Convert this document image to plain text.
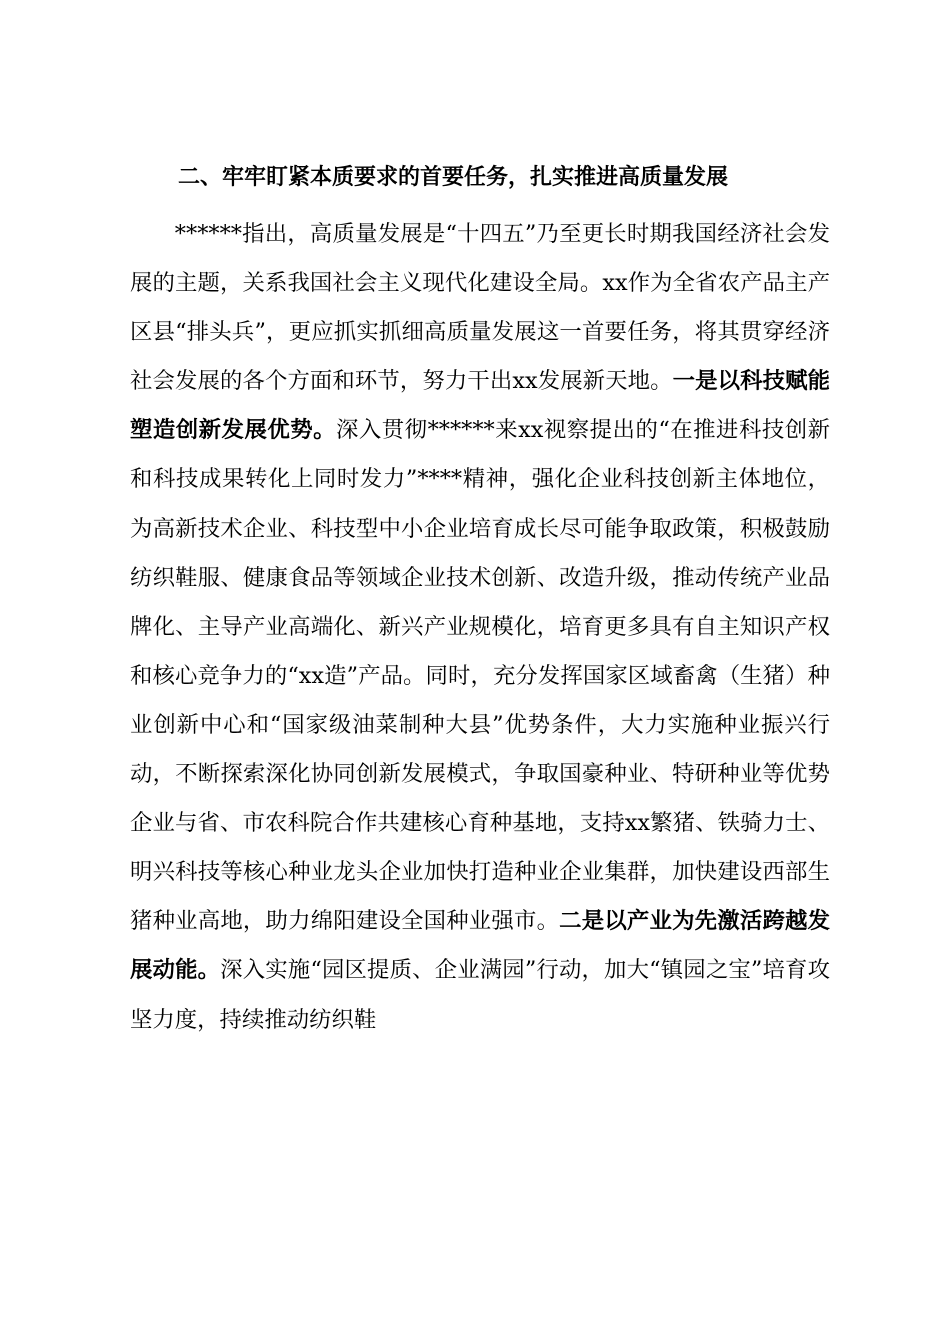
二、牢牢盯紧本质要求的首要任务，扎实推进高质量发展

******指出，高质量发展是“十四五”乃至更长时期我国经济社会发展的主题，关系我国社会主义现代化建设全局。xx作为全省农产品主产区县“排头兵”，更应抓实抓细高质量发展这一首要任务，将其贯穿经济社会发展的各个方面和环节，努力干出xx发展新天地。一是以科技赋能塑造创新发展优势。深入贯彻******来xx视察提出的“在推进科技创新和科技成果转化上同时发力”****精神，强化企业科技创新主体地位，为高新技术企业、科技型中小企业培育成长尽可能争取政策，积极鼓励纺织鞋服、健康食品等领域企业技术创新、改造升级，推动传统产业品牌化、主导产业高端化、新兴产业规模化，培育更多具有自主知识产权和核心竞争力的“xx造”产品。同时，充分发挥国家区域畜禽（生猪）种业创新中心和“国家级油菜制种大县”优势条件，大力实施种业振兴行动，不断探索深化协同创新发展模式，争取国豪种业、特研种业等优势企业与省、市农科院合作共建核心育种基地，支持xx繁猪、铁骑力士、明兴科技等核心种业龙头企业加快打造种业企业集群，加快建设西部生猪种业高地，助力绵阳建设全国种业强市。二是以产业为先激活跨越发展动能。深入实施“园区提质、企业满园”行动，加大“镇园之宝”培育攻坚力度，持续推动纺织鞋
